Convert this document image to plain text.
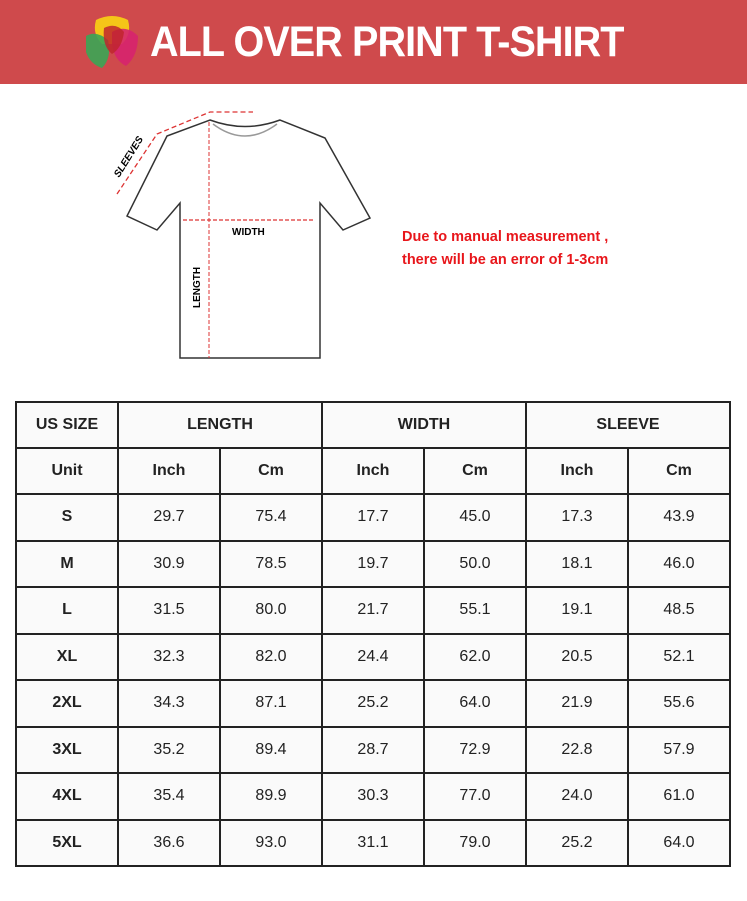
ALL OVER PRINT T-SHIRT
SLEEVES
WIDTH
LENGTH
Due to manual measurement ,
there will be an error of 1-3cm
US SIZE	LENGTH		WIDTH		SLEEVE	
Unit	Inch	Cm	Inch	Cm	Inch	Cm
S	29.7	75.4	17.7	45.0	17.3	43.9
M	30.9	78.5	19.7	50.0	18.1	46.0
L	31.5	80.0	21.7	55.1	19.1	48.5
XL	32.3	82.0	24.4	62.0	20.5	52.1
2XL	34.3	87.1	25.2	64.0	21.9	55.6
3XL	35.2	89.4	28.7	72.9	22.8	57.9
4XL	35.4	89.9	30.3	77.0	24.0	61.0
5XL	36.6	93.0	31.1	79.0	25.2	64.0
